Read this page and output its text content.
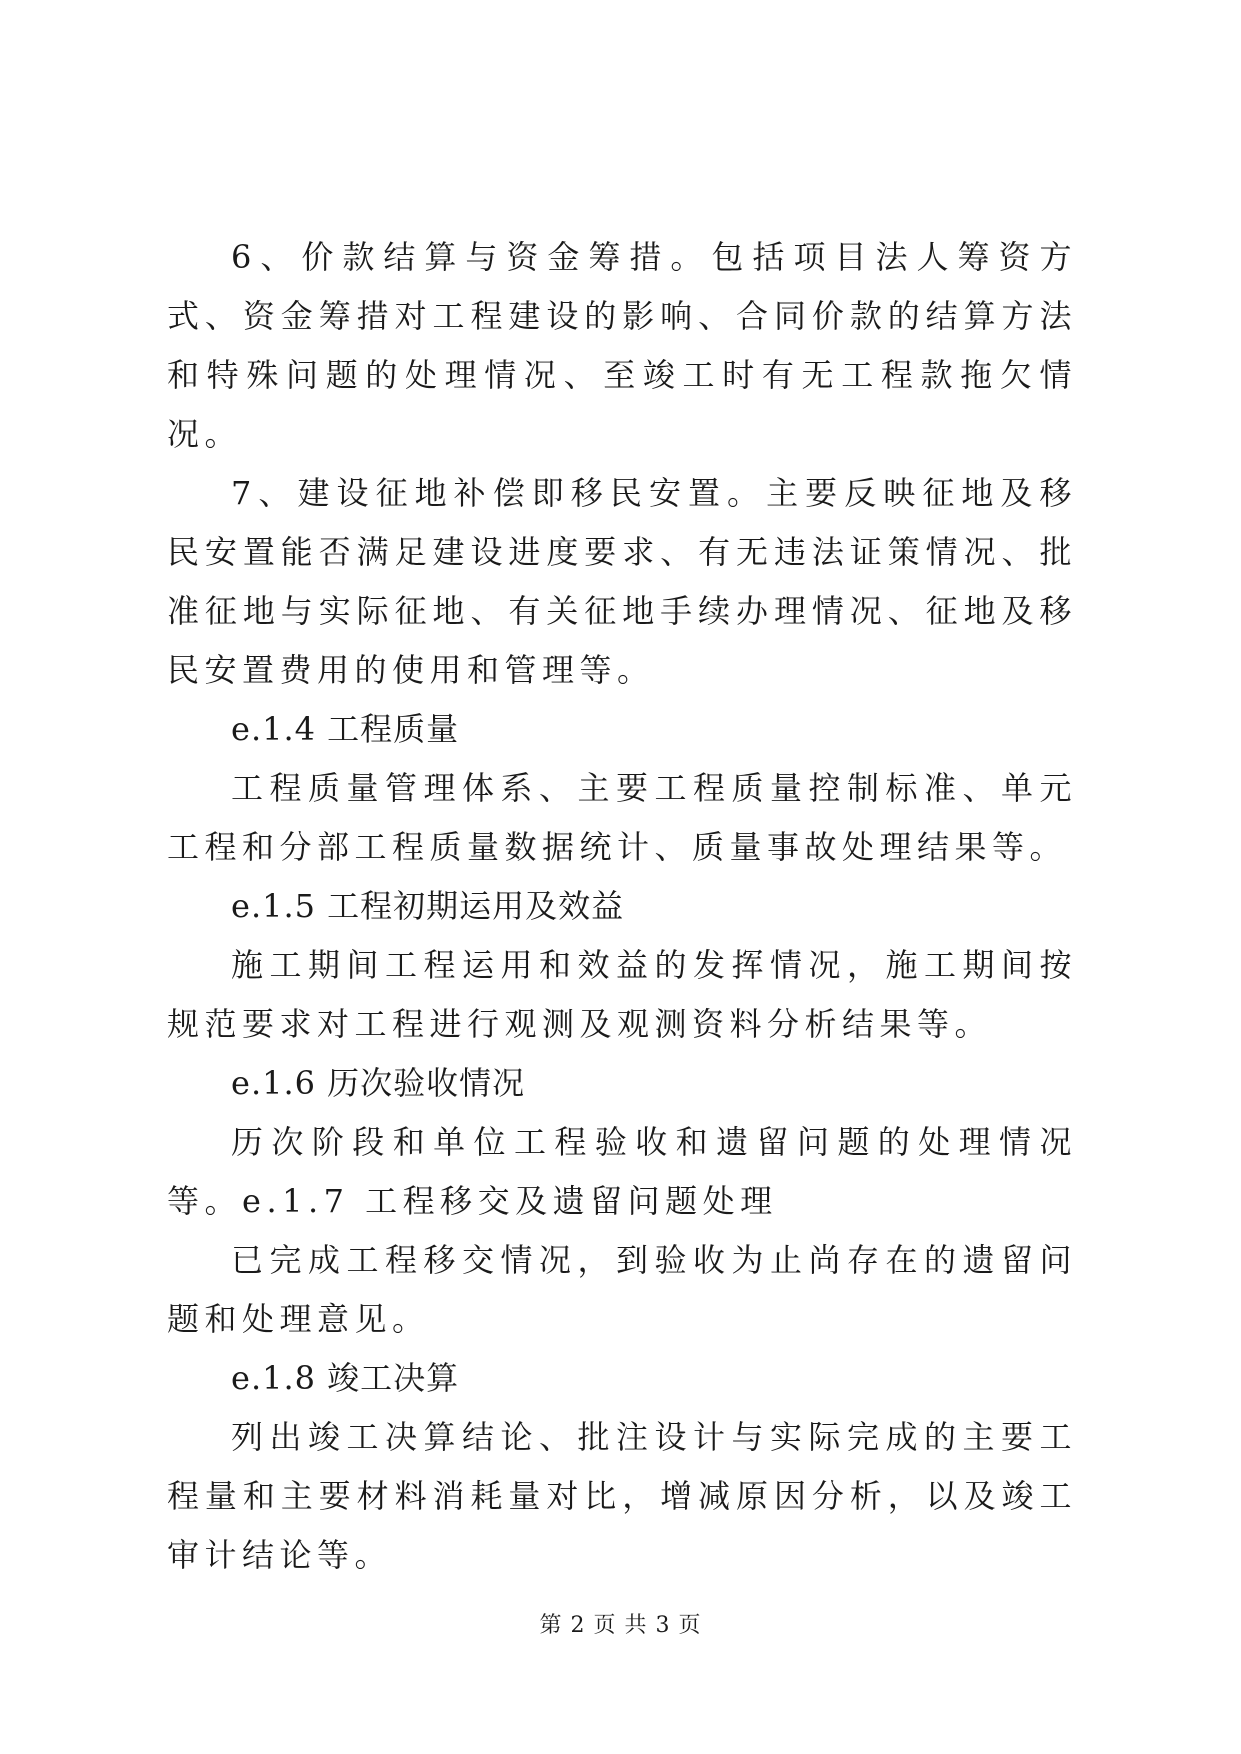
6、价款结算与资金筹措。包括项目法人筹资方式、资金筹措对工程建设的影响、合同价款的结算方法和特殊问题的处理情况、至竣工时有无工程款拖欠情况。

7、建设征地补偿即移民安置。主要反映征地及移民安置能否满足建设进度要求、有无违法证策情况、批准征地与实际征地、有关征地手续办理情况、征地及移民安置费用的使用和管理等。

e.1.4 工程质量

工程质量管理体系、主要工程质量控制标准、单元工程和分部工程质量数据统计、质量事故处理结果等。

e.1.5 工程初期运用及效益

施工期间工程运用和效益的发挥情况，施工期间按规范要求对工程进行观测及观测资料分析结果等。

e.1.6 历次验收情况

历次阶段和单位工程验收和遗留问题的处理情况等。e.1.7 工程移交及遗留问题处理

已完成工程移交情况，到验收为止尚存在的遗留问题和处理意见。

e.1.8 竣工决算

列出竣工决算结论、批注设计与实际完成的主要工程量和主要材料消耗量对比，增减原因分析，以及竣工审计结论等。

第 2 页 共 3 页
